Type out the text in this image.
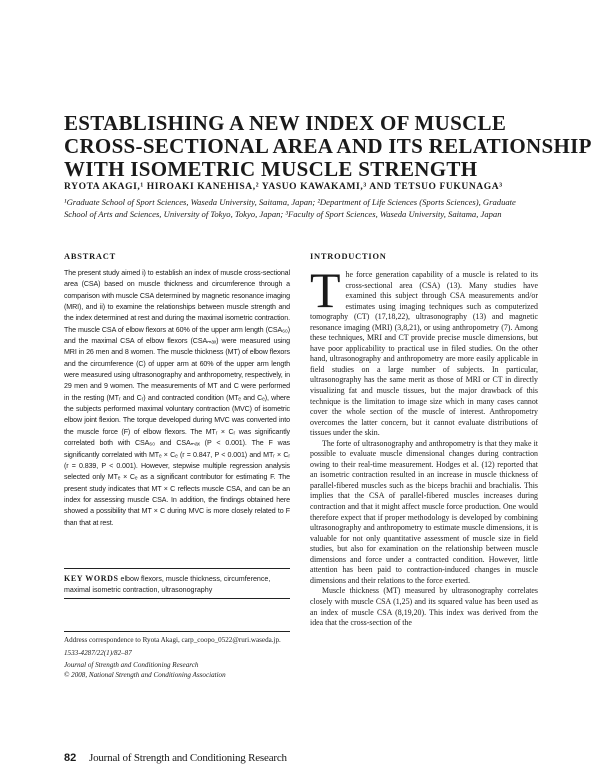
ESTABLISHING A NEW INDEX OF MUSCLE
CROSS-SECTIONAL AREA AND ITS RELATIONSHIP
WITH ISOMETRIC MUSCLE STRENGTH
RYOTA AKAGI,¹ HIROAKI KANEHISA,² YASUO KAWAKAMI,³ AND TETSUO FUKUNAGA³
¹Graduate School of Sport Sciences, Waseda University, Saitama, Japan; ²Department of Life Sciences (Sports Sciences), Graduate School of Arts and Sciences, University of Tokyo, Tokyo, Japan; ³Faculty of Sport Sciences, Waseda University, Saitama, Japan
ABSTRACT
The present study aimed i) to establish an index of muscle cross-sectional area (CSA) based on muscle thickness and circumference through a comparison with muscle CSA determined by magnetic resonance imaging (MRI), and ii) to examine the relationships between muscle strength and the index determined at rest and during the maximal isometric contraction. The muscle CSA of elbow flexors at 60% of the upper arm length (CSA₆₀) and the maximal CSA of elbow flexors (CSAₘₐₓ) were measured using MRI in 26 men and 8 women. The muscle thickness (MT) of elbow flexors and the circumference (C) of upper arm at 60% of the upper arm length were measured using ultrasonography and anthropometry, respectively, in 29 men and 9 women. The measurements of MT and C were performed in the resting (MTᵣ and Cᵣ) and contracted condition (MTₑ and Cₑ), where the subjects performed maximal voluntary contraction (MVC) of isometric elbow joint flexion. The torque developed during MVC was converted into the muscle force (F) of elbow flexors. The MTᵣ × Cᵣ was significantly correlated both with CSA₆₀ and CSAₘₐₓ (P < 0.001). The F was significantly correlated with MTₑ × Cₑ (r = 0.847, P < 0.001) and MTᵣ × Cᵣ (r = 0.839, P < 0.001). However, stepwise multiple regression analysis selected only MTₑ × Cₑ as a significant contributor for estimating F. The present study indicates that MT × C reflects muscle CSA, and can be an index for assessing muscle CSA. In addition, the findings obtained here showed a possibility that MT × C during MVC is more closely related to F than that at rest.
KEY WORDS elbow flexors, muscle thickness, circumference, maximal isometric contraction, ultrasonography
Address correspondence to Ryota Akagi, carp_coopo_0522@ruri.waseda.jp.
1533-4287/22(1)/82–87
Journal of Strength and Conditioning Research
© 2008, National Strength and Conditioning Association
INTRODUCTION

The force generation capability of a muscle is related to its cross-sectional area (CSA) (13). Many studies have examined this subject through CSA measurements and/or estimates using imaging techniques such as computerized tomography (CT) (17,18,22), ultrasonography (13) and magnetic resonance imaging (MRI) (3,8,21), or using anthropometry (7). Among these techniques, MRI and CT provide precise muscle dimensions, but have poor applicability to practical use in filed studies. On the other hand, ultrasonography and anthropometry are more easily applicable in field studies on a large number of subjects. In particular, ultrasonography has the same merit as those of MRI or CT in directly visualizing fat and muscle tissues, but the major drawback of this technique is the limitation to image size which in many cases cannot cover the whole section of the muscle of interest. Anthropometry overcomes the latter concern, but it cannot evaluate distributions of tissues under the skin.

The forte of ultrasonography and anthropometry is that they make it possible to evaluate muscle dimensional changes during contraction owing to their real-time measurement. Hodges et al. (12) reported that an isometric contraction resulted in an increase in muscle thickness of parallel-fibered muscles such as the biceps brachii and brachialis. This implies that the CSA of parallel-fibered muscles increases during contraction and that it might affect muscle force production. One would therefore expect that if proper methodology is developed by combining ultrasonography and anthropometry to estimate muscle dimensions, it is valuable for not only quantitative assessment of muscle size in field studies, but also for examination on the relationship between muscle dimensions and force under a contracted condition. However, little attention has been paid to contraction-induced changes in muscle dimensions and their relations to the force exerted.

Muscle thickness (MT) measured by ultrasonography correlates closely with muscle CSA (1,25) and its squared value has been used as an index of muscle CSA (8,19,20). This index was derived from the idea that the cross-section of the

82 Journal of Strength and Conditioning Research
